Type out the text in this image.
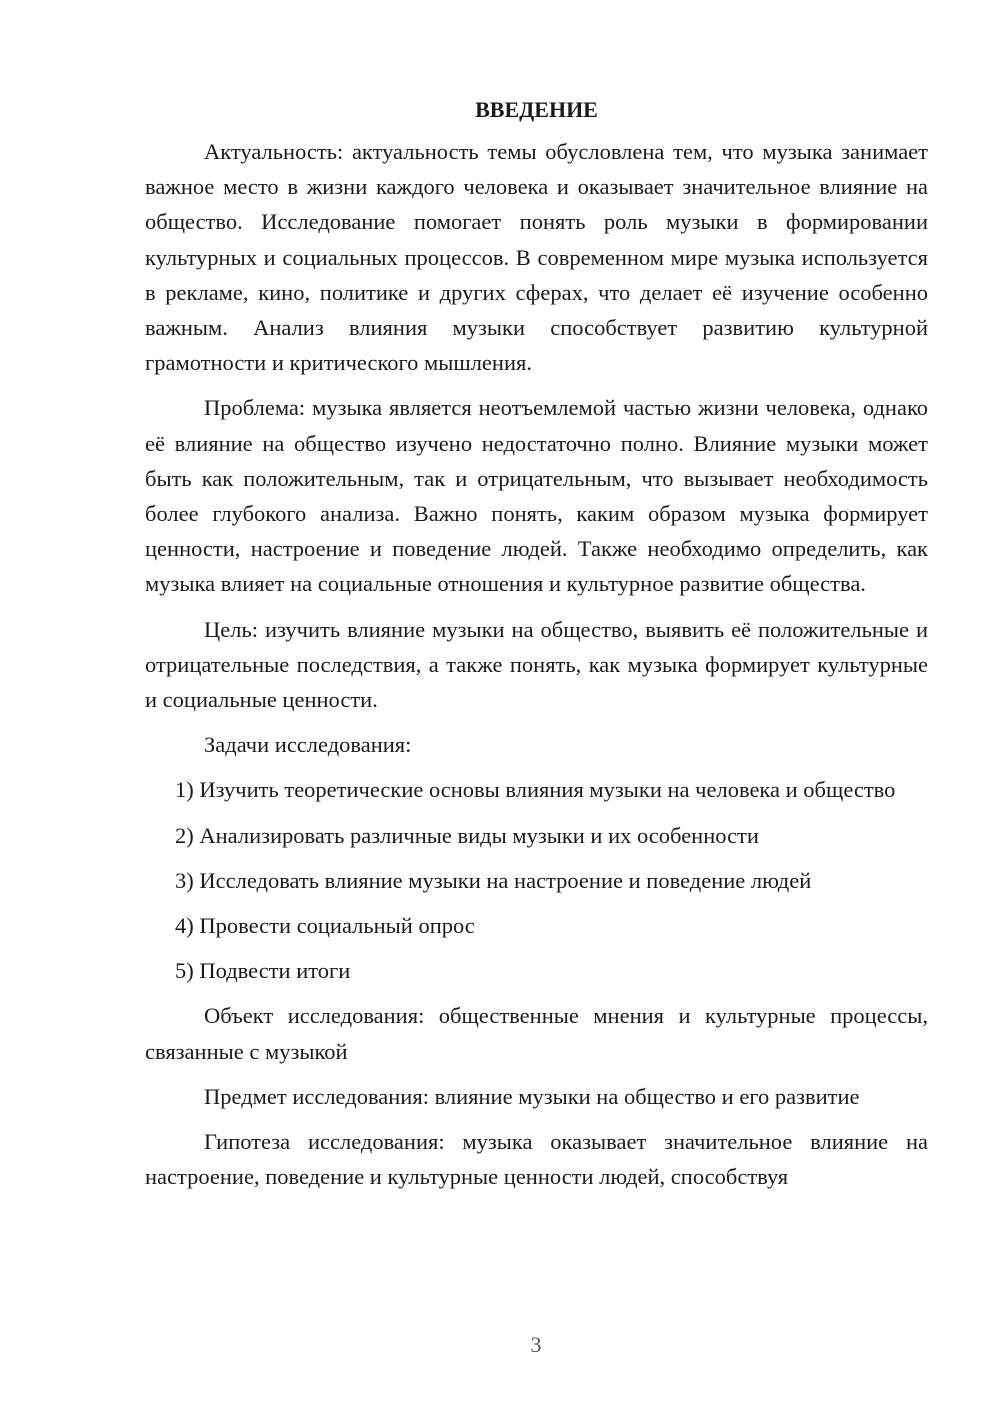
ВВЕДЕНИЕ

Актуальность: актуальность темы обусловлена тем, что музыка занимает важное место в жизни каждого человека и оказывает значительное влияние на общество. Исследование помогает понять роль музыки в формировании культурных и социальных процессов. В современном мире музыка используется в рекламе, кино, политике и других сферах, что делает её изучение особенно важным. Анализ влияния музыки способствует развитию культурной грамотности и критического мышления.

Проблема: музыка является неотъемлемой частью жизни человека, однако её влияние на общество изучено недостаточно полно. Влияние музыки может быть как положительным, так и отрицательным, что вызывает необходимость более глубокого анализа. Важно понять, каким образом музыка формирует ценности, настроение и поведение людей. Также необходимо определить, как музыка влияет на социальные отношения и культурное развитие общества.

Цель: изучить влияние музыки на общество, выявить её положительные и отрицательные последствия, а также понять, как музыка формирует культурные и социальные ценности.

Задачи исследования:

1) Изучить теоретические основы влияния музыки на человека и общество

2) Анализировать различные виды музыки и их особенности

3) Исследовать влияние музыки на настроение и поведение людей

4) Провести социальный опрос

5) Подвести итоги

Объект исследования: общественные мнения и культурные процессы, связанные с музыкой

Предмет исследования: влияние музыки на общество и его развитие

Гипотеза исследования: музыка оказывает значительное влияние на настроение, поведение и культурные ценности людей, способствуя

3
